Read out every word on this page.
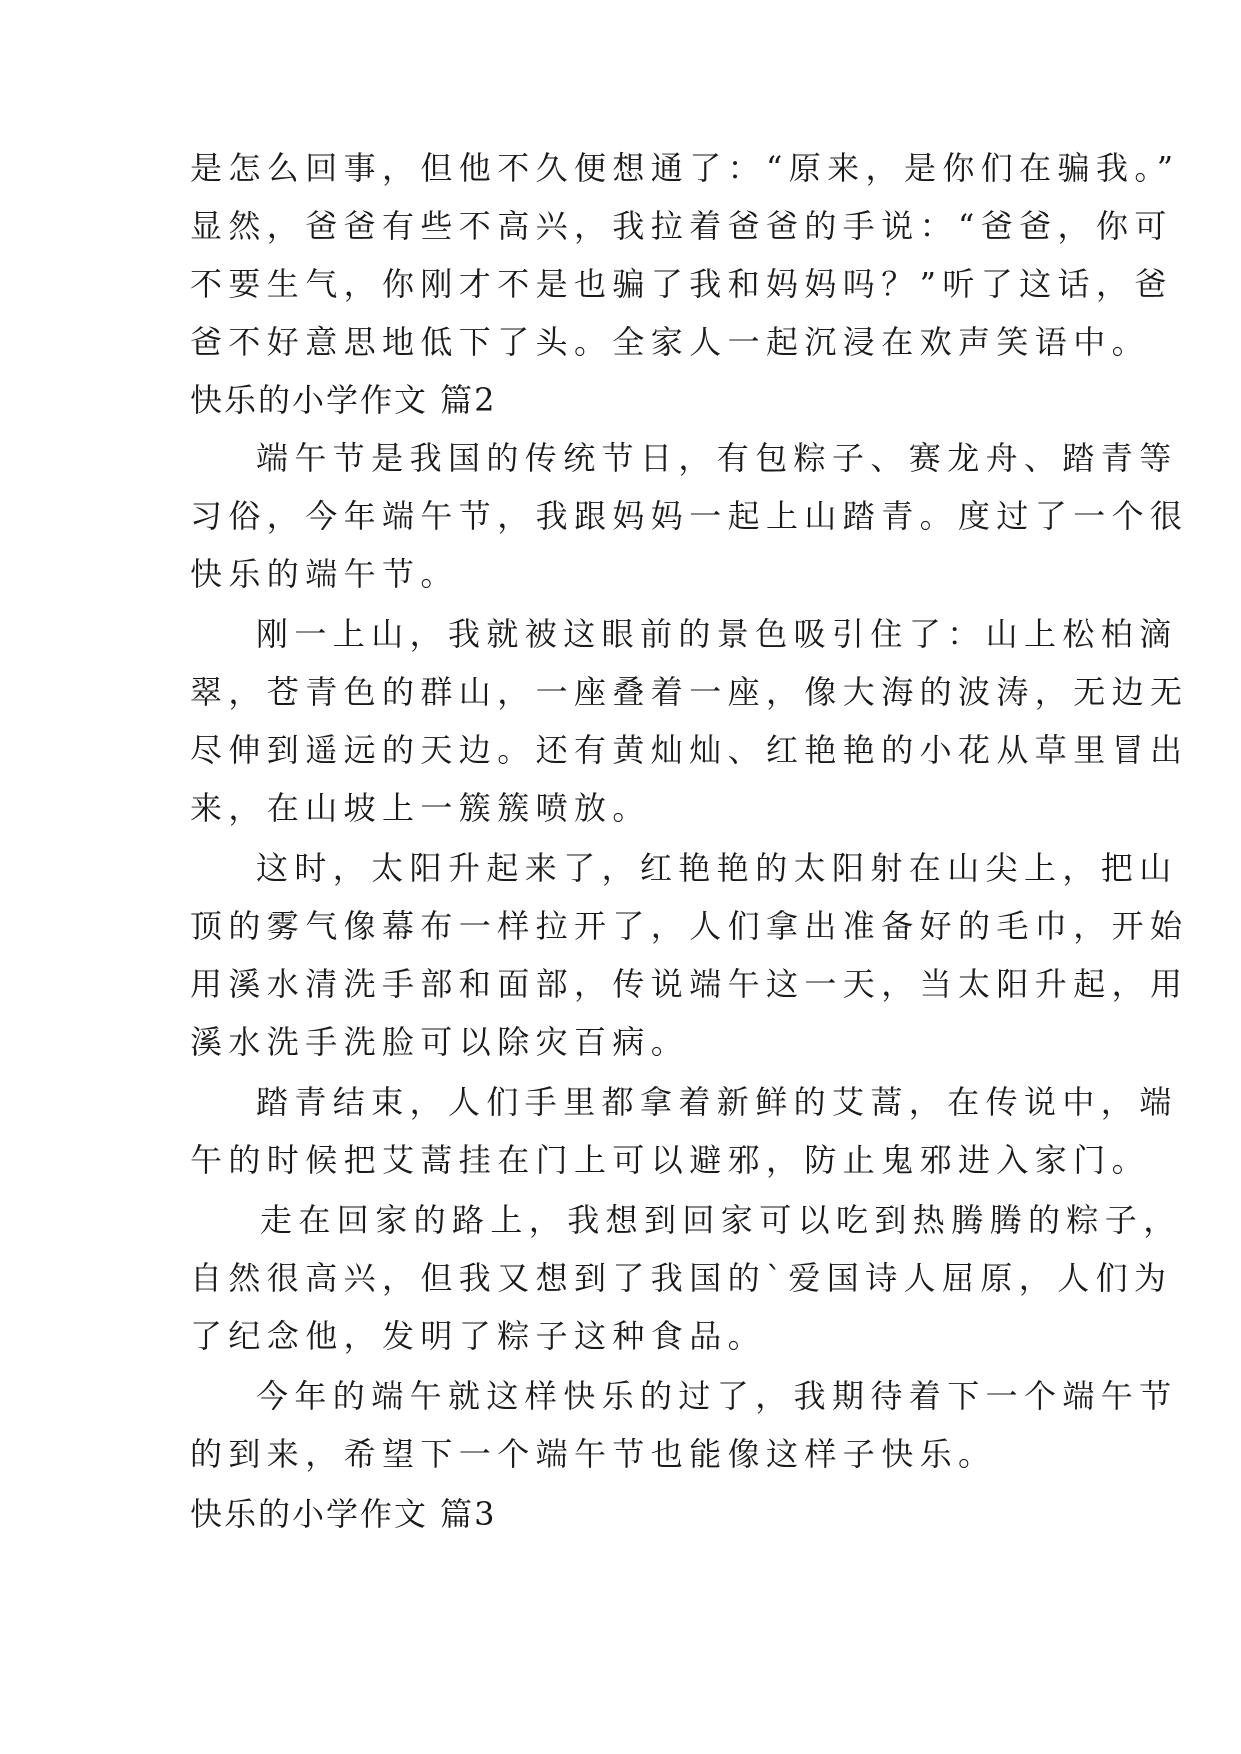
是怎么回事，但他不久便想通了：“原来，是你们在骗我。”
显然，爸爸有些不高兴，我拉着爸爸的手说：“爸爸，你可
不要生气，你刚才不是也骗了我和妈妈吗？”听了这话，爸
爸不好意思地低下了头。全家人一起沉浸在欢声笑语中。
快乐的小学作文 篇2
端午节是我国的传统节日，有包粽子、赛龙舟、踏青等
习俗，今年端午节，我跟妈妈一起上山踏青。度过了一个很
快乐的端午节。
刚一上山，我就被这眼前的景色吸引住了：山上松柏滴
翠，苍青色的群山，一座叠着一座，像大海的波涛，无边无
尽伸到遥远的天边。还有黄灿灿、红艳艳的小花从草里冒出
来，在山坡上一簇簇喷放。
这时，太阳升起来了，红艳艳的太阳射在山尖上，把山
顶的雾气像幕布一样拉开了，人们拿出准备好的毛巾，开始
用溪水清洗手部和面部，传说端午这一天，当太阳升起，用
溪水洗手洗脸可以除灾百病。
踏青结束，人们手里都拿着新鲜的艾蒿，在传说中，端
午的时候把艾蒿挂在门上可以避邪，防止鬼邪进入家门。
走在回家的路上，我想到回家可以吃到热腾腾的粽子，
自然很高兴，但我又想到了我国的`爱国诗人屈原，人们为
了纪念他，发明了粽子这种食品。
今年的端午就这样快乐的过了，我期待着下一个端午节
的到来，希望下一个端午节也能像这样子快乐。
快乐的小学作文 篇3
